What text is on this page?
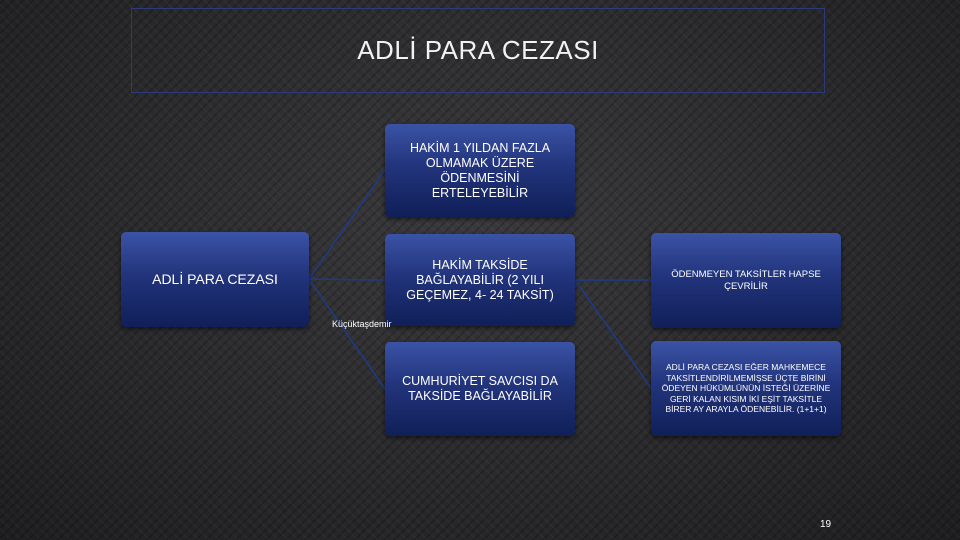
ADLİ PARA CEZASI
ADLİ PARA CEZASI
HAKİM 1 YILDAN FAZLA OLMAMAK ÜZERE ÖDENMESİNİ ERTELEYEBİLİR
HAKİM TAKSİDE BAĞLAYABİLİR (2 YILI GEÇEMEZ, 4- 24 TAKSİT)
CUMHURİYET SAVCISI DA TAKSİDE BAĞLAYABİLİR
ÖDENMEYEN TAKSİTLER HAPSE ÇEVRİLİR
ADLİ PARA CEZASI EĞER MAHKEMECE TAKSİTLENDİRİLMEMİŞSE ÜÇTE BİRİNİ ÖDEYEN HÜKÜMLÜNÜN İSTEĞİ ÜZERİNE GERİ KALAN KISIM İKİ EŞİT TAKSİTLE BİRER AY ARAYLA ÖDENEBİLİR. (1+1+1)
Küçüktaşdemir
19
